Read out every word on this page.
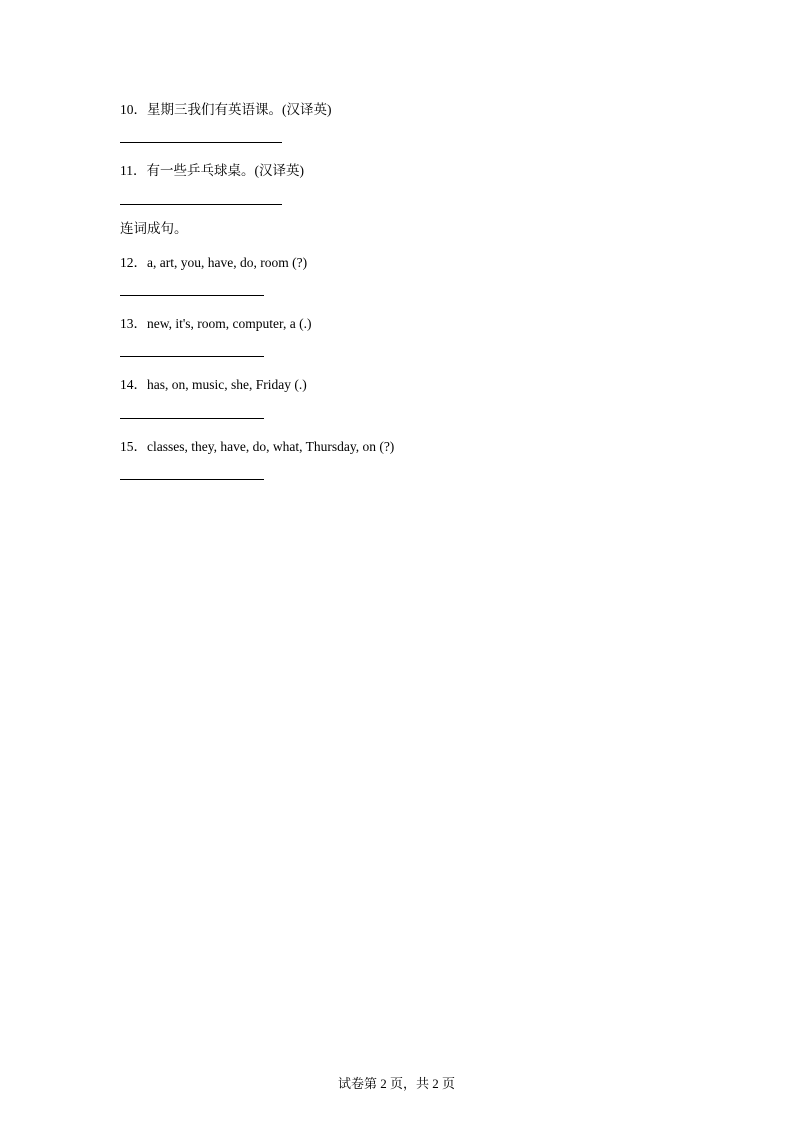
10．星期三我们有英语课。(汉译英)

11．有一些乒乓球桌。(汉译英)

连词成句。

12．a, art, you, have, do, room (?)

13．new, it's, room, computer, a (.)

14．has, on, music, she, Friday (.)

15．classes, they, have, do, what, Thursday, on (?)

试卷第 2 页，共 2 页
